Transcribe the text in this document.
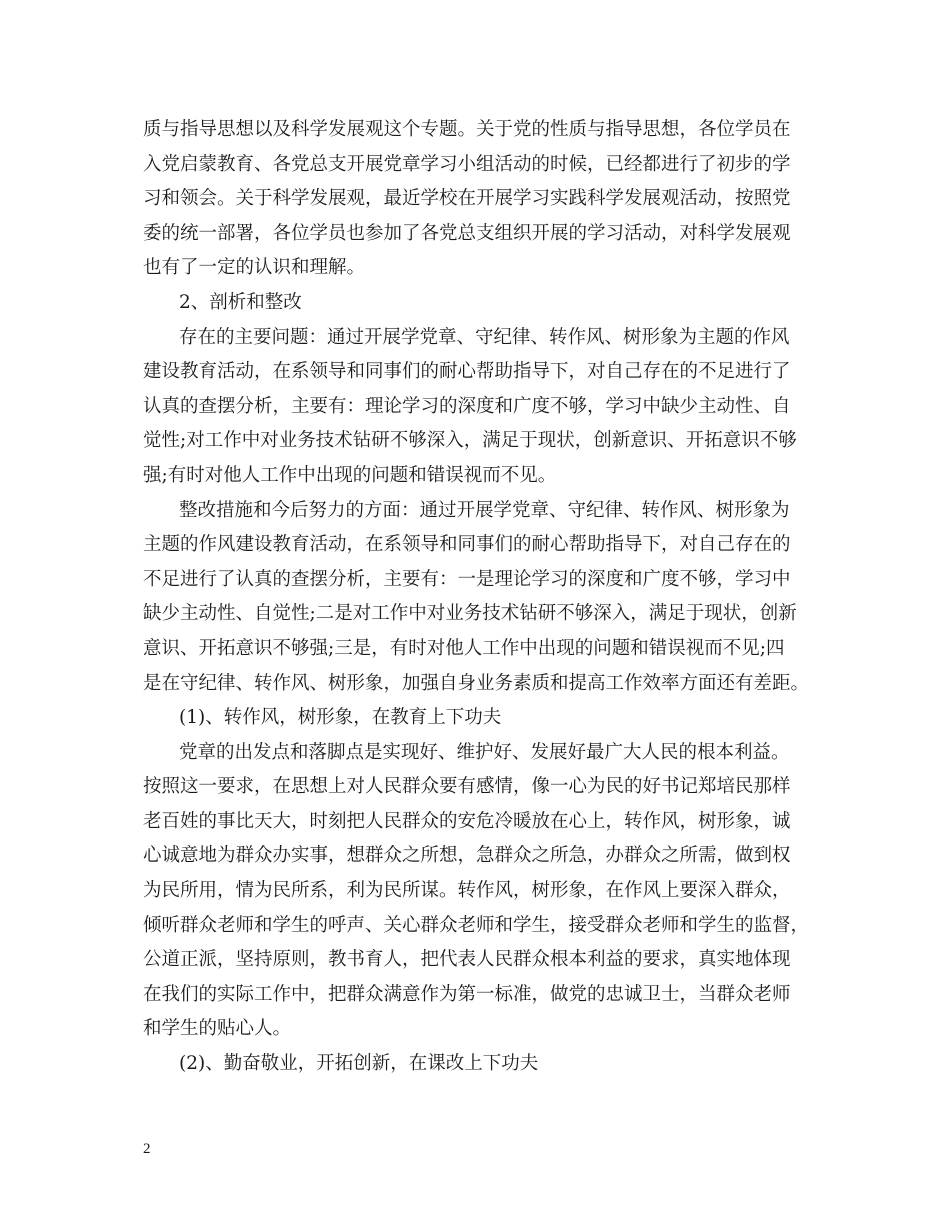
质与指导思想以及科学发展观这个专题。关于党的性质与指导思想，各位学员在
入党启蒙教育、各党总支开展党章学习小组活动的时候，已经都进行了初步的学
习和领会。关于科学发展观，最近学校在开展学习实践科学发展观活动，按照党
委的统一部署，各位学员也参加了各党总支组织开展的学习活动，对科学发展观
也有了一定的认识和理解。
2、剖析和整改
存在的主要问题：通过开展学党章、守纪律、转作风、树形象为主题的作风
建设教育活动，在系领导和同事们的耐心帮助指导下，对自己存在的不足进行了
认真的查摆分析，主要有：理论学习的深度和广度不够，学习中缺少主动性、自
觉性;对工作中对业务技术钻研不够深入，满足于现状，创新意识、开拓意识不够
强;有时对他人工作中出现的问题和错误视而不见。
整改措施和今后努力的方面：通过开展学党章、守纪律、转作风、树形象为
主题的作风建设教育活动，在系领导和同事们的耐心帮助指导下，对自己存在的
不足进行了认真的查摆分析，主要有：一是理论学习的深度和广度不够，学习中
缺少主动性、自觉性;二是对工作中对业务技术钻研不够深入，满足于现状，创新
意识、开拓意识不够强;三是，有时对他人工作中出现的问题和错误视而不见;四
是在守纪律、转作风、树形象，加强自身业务素质和提高工作效率方面还有差距。
(1)、转作风，树形象，在教育上下功夫
党章的出发点和落脚点是实现好、维护好、发展好最广大人民的根本利益。
按照这一要求，在思想上对人民群众要有感情，像一心为民的好书记郑培民那样
老百姓的事比天大，时刻把人民群众的安危冷暖放在心上，转作风，树形象，诚
心诚意地为群众办实事，想群众之所想，急群众之所急，办群众之所需，做到权
为民所用，情为民所系，利为民所谋。转作风，树形象，在作风上要深入群众，
倾听群众老师和学生的呼声、关心群众老师和学生，接受群众老师和学生的监督，
公道正派，坚持原则，教书育人，把代表人民群众根本利益的要求，真实地体现
在我们的实际工作中，把群众满意作为第一标准，做党的忠诚卫士，当群众老师
和学生的贴心人。
(2)、勤奋敬业，开拓创新，在课改上下功夫
2
